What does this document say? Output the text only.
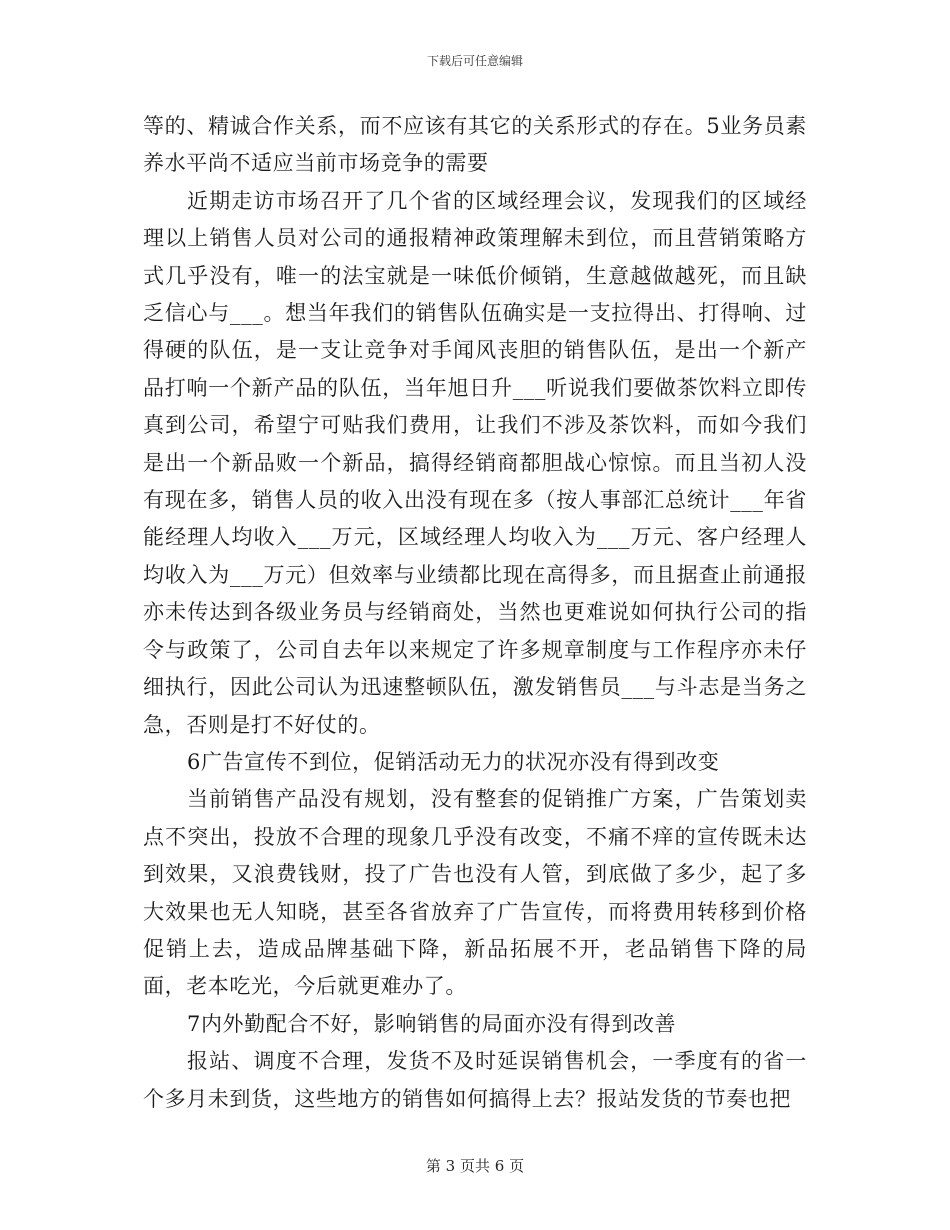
下载后可任意编辑

等的、精诚合作关系，而不应该有其它的关系形式的存在。5业务员素养水平尚不适应当前市场竞争的需要

近期走访市场召开了几个省的区域经理会议，发现我们的区域经理以上销售人员对公司的通报精神政策理解未到位，而且营销策略方式几乎没有，唯一的法宝就是一味低价倾销，生意越做越死，而且缺乏信心与___。想当年我们的销售队伍确实是一支拉得出、打得响、过得硬的队伍，是一支让竞争对手闻风丧胆的销售队伍，是出一个新产品打响一个新产品的队伍，当年旭日升___听说我们要做茶饮料立即传真到公司，希望宁可贴我们费用，让我们不涉及茶饮料，而如今我们是出一个新品败一个新品，搞得经销商都胆战心惊惊。而且当初人没有现在多，销售人员的收入出没有现在多（按人事部汇总统计___年省能经理人均收入___万元，区域经理人均收入为___万元、客户经理人均收入为___万元）但效率与业绩都比现在高得多，而且据查止前通报亦未传达到各级业务员与经销商处，当然也更难说如何执行公司的指令与政策了，公司自去年以来规定了许多规章制度与工作程序亦未仔细执行，因此公司认为迅速整顿队伍，激发销售员___与斗志是当务之急，否则是打不好仗的。

6广告宣传不到位，促销活动无力的状况亦没有得到改变

当前销售产品没有规划，没有整套的促销推广方案，广告策划卖点不突出，投放不合理的现象几乎没有改变，不痛不痒的宣传既未达到效果，又浪费钱财，投了广告也没有人管，到底做了多少，起了多大效果也无人知晓，甚至各省放弃了广告宣传，而将费用转移到价格促销上去，造成品牌基础下降，新品拓展不开，老品销售下降的局面，老本吃光，今后就更难办了。

7内外勤配合不好，影响销售的局面亦没有得到改善

报站、调度不合理，发货不及时延误销售机会，一季度有的省一个多月未到货，这些地方的销售如何搞得上去？报站发货的节奏也把

第 3 页共 6 页
